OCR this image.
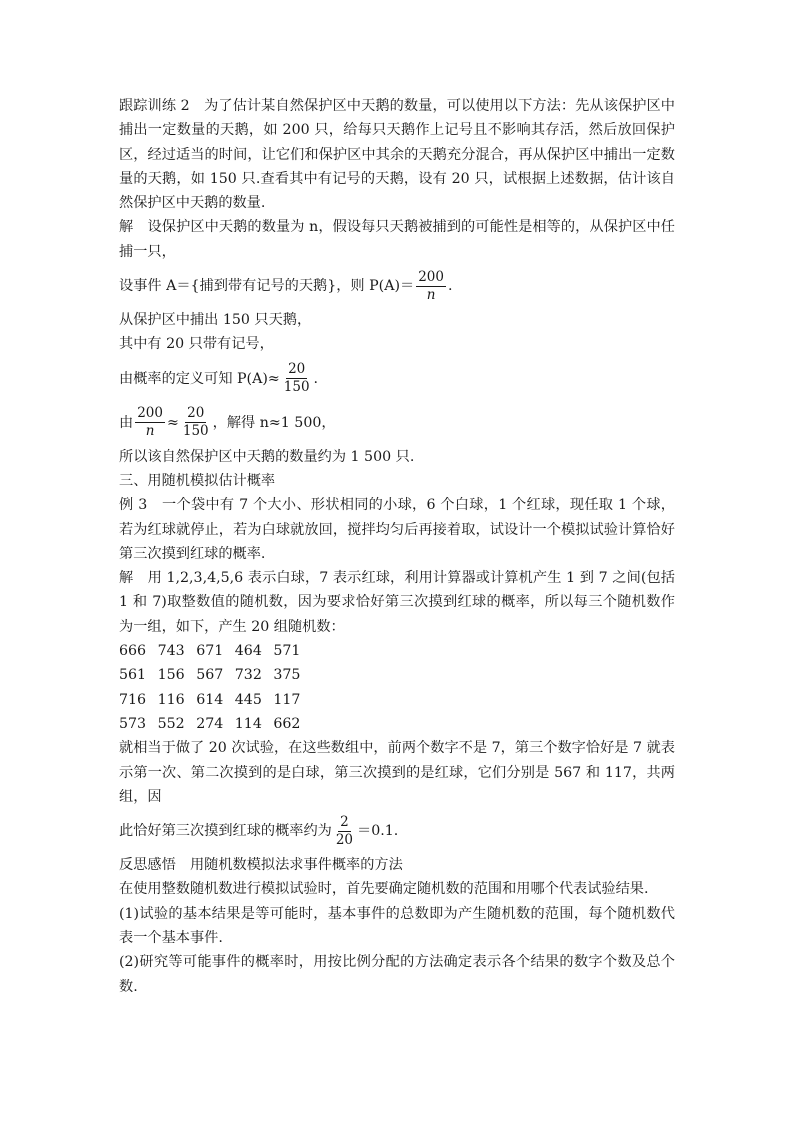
跟踪训练 2　为了估计某自然保护区中天鹅的数量，可以使用以下方法：先从该保护区中捕出一定数量的天鹅，如 200 只，给每只天鹅作上记号且不影响其存活，然后放回保护区，经过适当的时间，让它们和保护区中其余的天鹅充分混合，再从保护区中捕出一定数量的天鹅，如 150 只.查看其中有记号的天鹅，设有 20 只，试根据上述数据，估计该自然保护区中天鹅的数量.

解　设保护区中天鹅的数量为 n，假设每只天鹅被捕到的可能性是相等的，从保护区中任捕一只，

设事件 A＝{捕到带有记号的天鹅}，则 $P(A)= \frac{200}{n}$ .

从保护区中捕出 150 只天鹅，

其中有 20 只带有记号，

由概率的定义可知 $P(A)\approx \frac{20}{150}$ .
由 $\frac{200}{n} \approx \frac{20}{150}$ ，解得 n≈1 500，

所以该自然保护区中天鹅的数量约为 1 500 只.

三、用随机模拟估计概率

例 3　一个袋中有 7 个大小、形状相同的小球，6 个白球，1 个红球，现任取 1 个球，若为红球就停止，若为白球就放回，搅拌均匀后再接着取，试设计一个模拟试验计算恰好第三次摸到红球的概率.

解　用 1,2,3,4,5,6 表示白球，7 表示红球，利用计算器或计算机产生 1 到 7 之间(包括 1 和 7)取整数值的随机数，因为要求恰好第三次摸到红球的概率，所以每三个随机数作为一组，如下，产生 20 组随机数：

666 743 671 464 571
561 156 567 732 375
716 116 614 445 117
573 552 274 114 662

就相当于做了 20 次试验，在这些数组中，前两个数字不是 7，第三个数字恰好是 7 就表示第一次、第二次摸到的是白球，第三次摸到的是红球，它们分别是 567 和 117，共两组，因

此恰好第三次摸到红球的概率约为 $\frac{2}{20} =0.1$.

反思感悟　用随机数模拟法求事件概率的方法

在使用整数随机数进行模拟试验时，首先要确定随机数的范围和用哪个代表试验结果.

(1)试验的基本结果是等可能时，基本事件的总数即为产生随机数的范围，每个随机数代表一个基本事件.

(2)研究等可能事件的概率时，用按比例分配的方法确定表示各个结果的数字个数及总个数.
